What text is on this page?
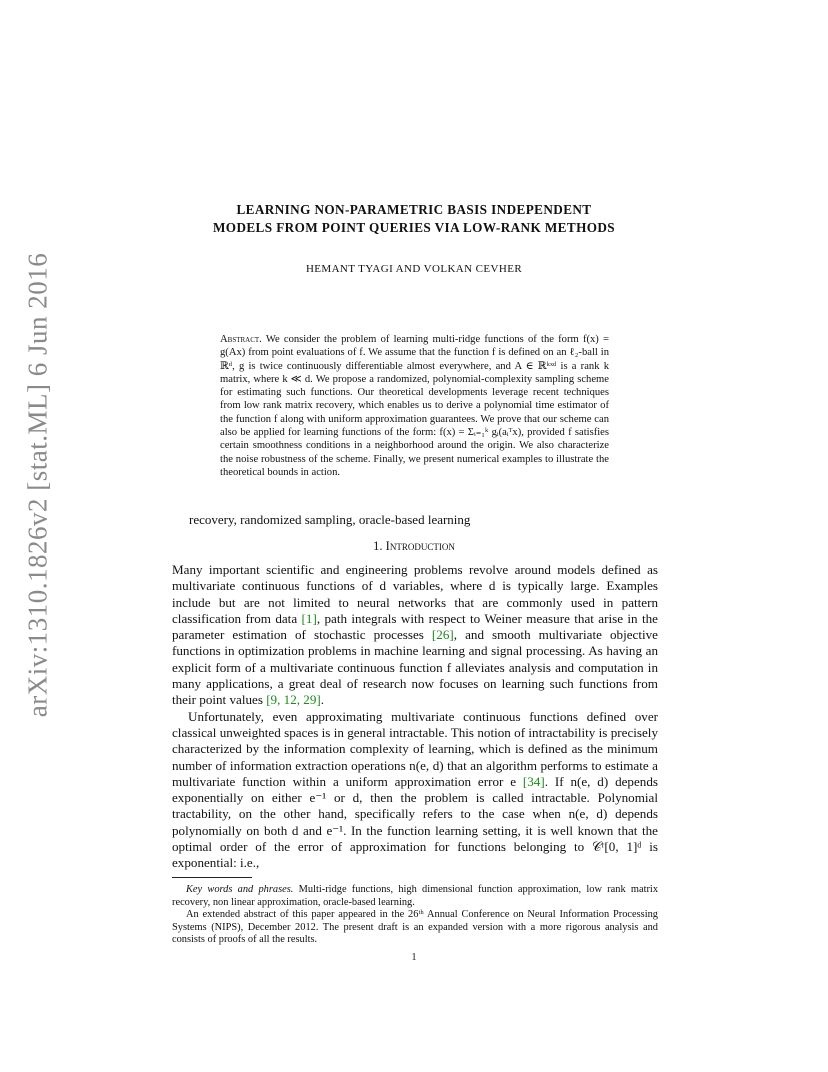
arXiv:1310.1826v2 [stat.ML] 6 Jun 2016
LEARNING NON-PARAMETRIC BASIS INDEPENDENT
MODELS FROM POINT QUERIES VIA LOW-RANK METHODS
HEMANT TYAGI AND VOLKAN CEVHER
Abstract. We consider the problem of learning multi-ridge functions of the form f(x) = g(Ax) from point evaluations of f. We assume that the function f is defined on an ℓ₂-ball in ℝᵈ, g is twice continuously differentiable almost everywhere, and A ∈ ℝᵏˣᵈ is a rank k matrix, where k ≪ d. We propose a randomized, polynomial-complexity sampling scheme for estimating such functions. Our theoretical developments leverage recent techniques from low rank matrix recovery, which enables us to derive a polynomial time estimator of the function f along with uniform approximation guarantees. We prove that our scheme can also be applied for learning functions of the form: f(x) = Σᵢ₌₁ᵏ gᵢ(aᵢᵀx), provided f satisfies certain smoothness conditions in a neighborhood around the origin. We also characterize the noise robustness of the scheme. Finally, we present numerical examples to illustrate the theoretical bounds in action.
recovery, randomized sampling, oracle-based learning
1. Introduction

Many important scientific and engineering problems revolve around models defined as multivariate continuous functions of d variables, where d is typically large. Examples include but are not limited to neural networks that are commonly used in pattern classification from data [1], path integrals with respect to Weiner measure that arise in the parameter estimation of stochastic processes [26], and smooth multivariate objective functions in optimization problems in machine learning and signal processing. As having an explicit form of a multivariate continuous function f alleviates analysis and computation in many applications, a great deal of research now focuses on learning such functions from their point values [9, 12, 29].

Unfortunately, even approximating multivariate continuous functions defined over classical unweighted spaces is in general intractable. This notion of intractability is precisely characterized by the information complexity of learning, which is defined as the minimum number of information extraction operations n(e, d) that an algorithm performs to estimate a multivariate function within a uniform approximation error e [34]. If n(e, d) depends exponentially on either e⁻¹ or d, then the problem is called intractable. Polynomial tractability, on the other hand, specifically refers to the case when n(e, d) depends polynomially on both d and e⁻¹. In the function learning setting, it is well known that the optimal order of the error of approximation for functions belonging to 𝒞ʳ[0, 1]ᵈ is exponential: i.e.,

Key words and phrases. Multi-ridge functions, high dimensional function approximation, low rank matrix recovery, non linear approximation, oracle-based learning.

An extended abstract of this paper appeared in the 26ᵗʰ Annual Conference on Neural Information Processing Systems (NIPS), December 2012. The present draft is an expanded version with a more rigorous analysis and consists of proofs of all the results.

1
